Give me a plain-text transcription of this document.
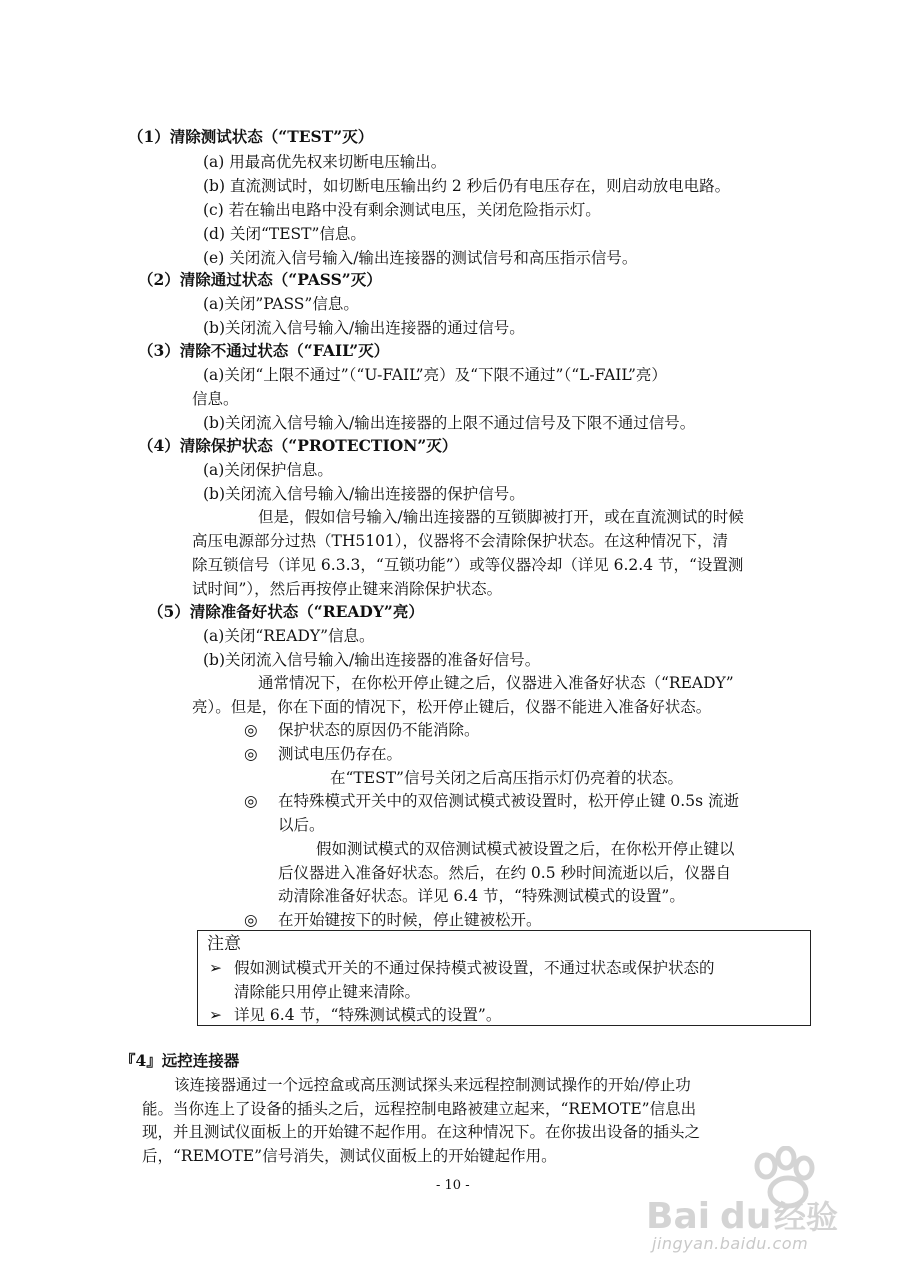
（1）清除测试状态（“TEST”灭）
(a) 用最高优先权来切断电压输出。
(b) 直流测试时，如切断电压输出约 2 秒后仍有电压存在，则启动放电电路。
(c) 若在输出电路中没有剩余测试电压，关闭危险指示灯。
(d) 关闭“TEST”信息。
(e) 关闭流入信号输入/输出连接器的测试信号和高压指示信号。
（2）清除通过状态（“PASS”灭）
(a)关闭”PASS”信息。
(b)关闭流入信号输入/输出连接器的通过信号。
（3）清除不通过状态（“FAIL”灭）
(a)关闭“上限不通过”（“U-FAIL”亮）及“下限不通过”（“L-FAIL”亮）
信息。
(b)关闭流入信号输入/输出连接器的上限不通过信号及下限不通过信号。
（4）清除保护状态（“PROTECTION”灭）
(a)关闭保护信息。
(b)关闭流入信号输入/输出连接器的保护信号。
但是，假如信号输入/输出连接器的互锁脚被打开，或在直流测试的时候
高压电源部分过热（TH5101），仪器将不会清除保护状态。在这种情况下，清
除互锁信号（详见 6.3.3，“互锁功能”）或等仪器冷却（详见 6.2.4 节，“设置测
试时间”），然后再按停止键来消除保护状态。
（5）清除准备好状态（“READY”亮）
(a)关闭“READY”信息。
(b)关闭流入信号输入/输出连接器的准备好信号。
通常情况下，在你松开停止键之后，仪器进入准备好状态（“READY”
亮）。但是，你在下面的情况下，松开停止键后，仪器不能进入准备好状态。
◎ 保护状态的原因仍不能消除。
◎ 测试电压仍存在。
在“TEST”信号关闭之后高压指示灯仍亮着的状态。
◎ 在特殊模式开关中的双倍测试模式被设置时，松开停止键 0.5s 流逝
以后。
假如测试模式的双倍测试模式被设置之后，在你松开停止键以
后仪器进入准备好状态。然后，在约 0.5 秒时间流逝以后，仪器自
动清除准备好状态。详见 6.4 节，“特殊测试模式的设置”。
◎ 在开始键按下的时候，停止键被松开。
注意
➢ 假如测试模式开关的不通过保持模式被设置，不通过状态或保护状态的
清除能只用停止键来清除。
➢ 详见 6.4 节，“特殊测试模式的设置”。
『4』远控连接器
该连接器通过一个远控盒或高压测试探头来远程控制测试操作的开始/停止功
能。当你连上了设备的插头之后，远程控制电路被建立起来，“REMOTE”信息出
现，并且测试仪面板上的开始键不起作用。在这种情况下。在你拔出设备的插头之
后，“REMOTE”信号消失，测试仪面板上的开始键起作用。
- 10 -
Bai du 经验
jingyan.baidu.com
